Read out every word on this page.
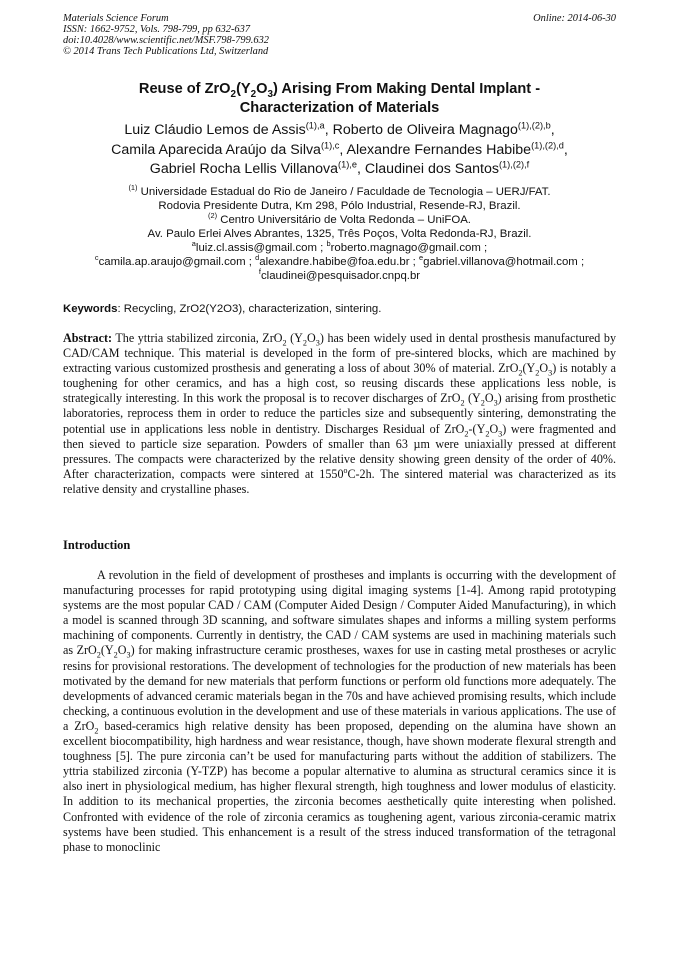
Materials Science Forum
ISSN: 1662-9752, Vols. 798-799, pp 632-637
doi:10.4028/www.scientific.net/MSF.798-799.632
© 2014 Trans Tech Publications Ltd, Switzerland
Online: 2014-06-30
Reuse of $ZrO_2(Y_2O_3)$ Arising From Making Dental Implant -
Characterization of Materials
Luiz Cláudio Lemos de Assis$^{(1),a}$, Roberto de Oliveira Magnago$^{(1),(2),b}$,
Camila Aparecida Araújo da Silva$^{(1),c}$, Alexandre Fernandes Habibe$^{(1),(2),d}$,
Gabriel Rocha Lellis Villanova$^{(1),e}$, Claudinei dos Santos$^{(1),(2),f}$
$^{(1)}$ Universidade Estadual do Rio de Janeiro / Faculdade de Tecnologia – UERJ/FAT.
Rodovia Presidente Dutra, Km 298, Pólo Industrial, Resende-RJ, Brazil.
$^{(2)}$ Centro Universitário de Volta Redonda – UniFOA.
Av. Paulo Erlei Alves Abrantes, 1325, Três Poços, Volta Redonda-RJ, Brazil.
$^a$luiz.cl.assis@gmail.com ; $^b$roberto.magnago@gmail.com ;
$^c$camila.ap.araujo@gmail.com ; $^d$alexandre.habibe@foa.edu.br ; $^e$gabriel.villanova@hotmail.com ;
$^f$claudinei@pesquisador.cnpq.br
Keywords: Recycling, ZrO2(Y2O3), characterization, sintering.
Abstract: The yttria stabilized zirconia, ZrO$_2$ $(Y_2O_3)$ has been widely used in dental prosthesis manufactured by CAD/CAM technique. This material is developed in the form of pre-sintered blocks, which are machined by extracting various customized prosthesis and generating a loss of about 30% of material. $ZrO_2(Y_2O_3)$ is notably a toughening for other ceramics, and has a high cost, so reusing discards these applications less noble, is strategically interesting. In this work the proposal is to recover discharges of ZrO$_2$ $(Y_2O_3)$ arising from prosthetic laboratories, reprocess them in order to reduce the particles size and subsequently sintering, demonstrating the potential use in applications less noble in dentistry. Discharges Residual of $ZrO_2-(Y_2O_3)$ were fragmented and then sieved to particle size separation. Powders of smaller than 63 µm were uniaxially pressed at different pressures. The compacts were characterized by the relative density showing green density of the order of 40%. After characterization, compacts were sintered at 1550$^o$C-2h. The sintered material was characterized as its relative density and crystalline phases.
Introduction
A revolution in the field of development of prostheses and implants is occurring with the development of manufacturing processes for rapid prototyping using digital imaging systems [1-4]. Among rapid prototyping systems are the most popular CAD / CAM (Computer Aided Design / Computer Aided Manufacturing), in which a model is scanned through 3D scanning, and software simulates shapes and informs a milling system performs machining of components. Currently in dentistry, the CAD / CAM systems are used in machining materials such as $ZrO_2(Y_2O_3)$ for making infrastructure ceramic prostheses, waxes for use in casting metal prostheses or acrylic resins for provisional restorations. The development of technologies for the production of new materials has been motivated by the demand for new materials that perform functions or perform old functions more adequately. The developments of advanced ceramic materials began in the 70s and have achieved promising results, which include checking, a continuous evolution in the development and use of these materials in various applications. The use of a ZrO$_2$ based-ceramics high relative density has been proposed, depending on the alumina have shown an excellent biocompatibility, high hardness and wear resistance, though, have shown moderate flexural strength and toughness [5]. The pure zirconia can’t be used for manufacturing parts without the addition of stabilizers. The yttria stabilized zirconia (Y-TZP) has become a popular alternative to alumina as structural ceramics since it is also inert in physiological medium, has higher flexural strength, high toughness and lower modulus of elasticity. In addition to its mechanical properties, the zirconia becomes aesthetically quite interesting when polished. Confronted with evidence of the role of zirconia ceramics as toughening agent, various zirconia-ceramic matrix systems have been studied. This enhancement is a result of the stress induced transformation of the tetragonal phase to monoclinic
